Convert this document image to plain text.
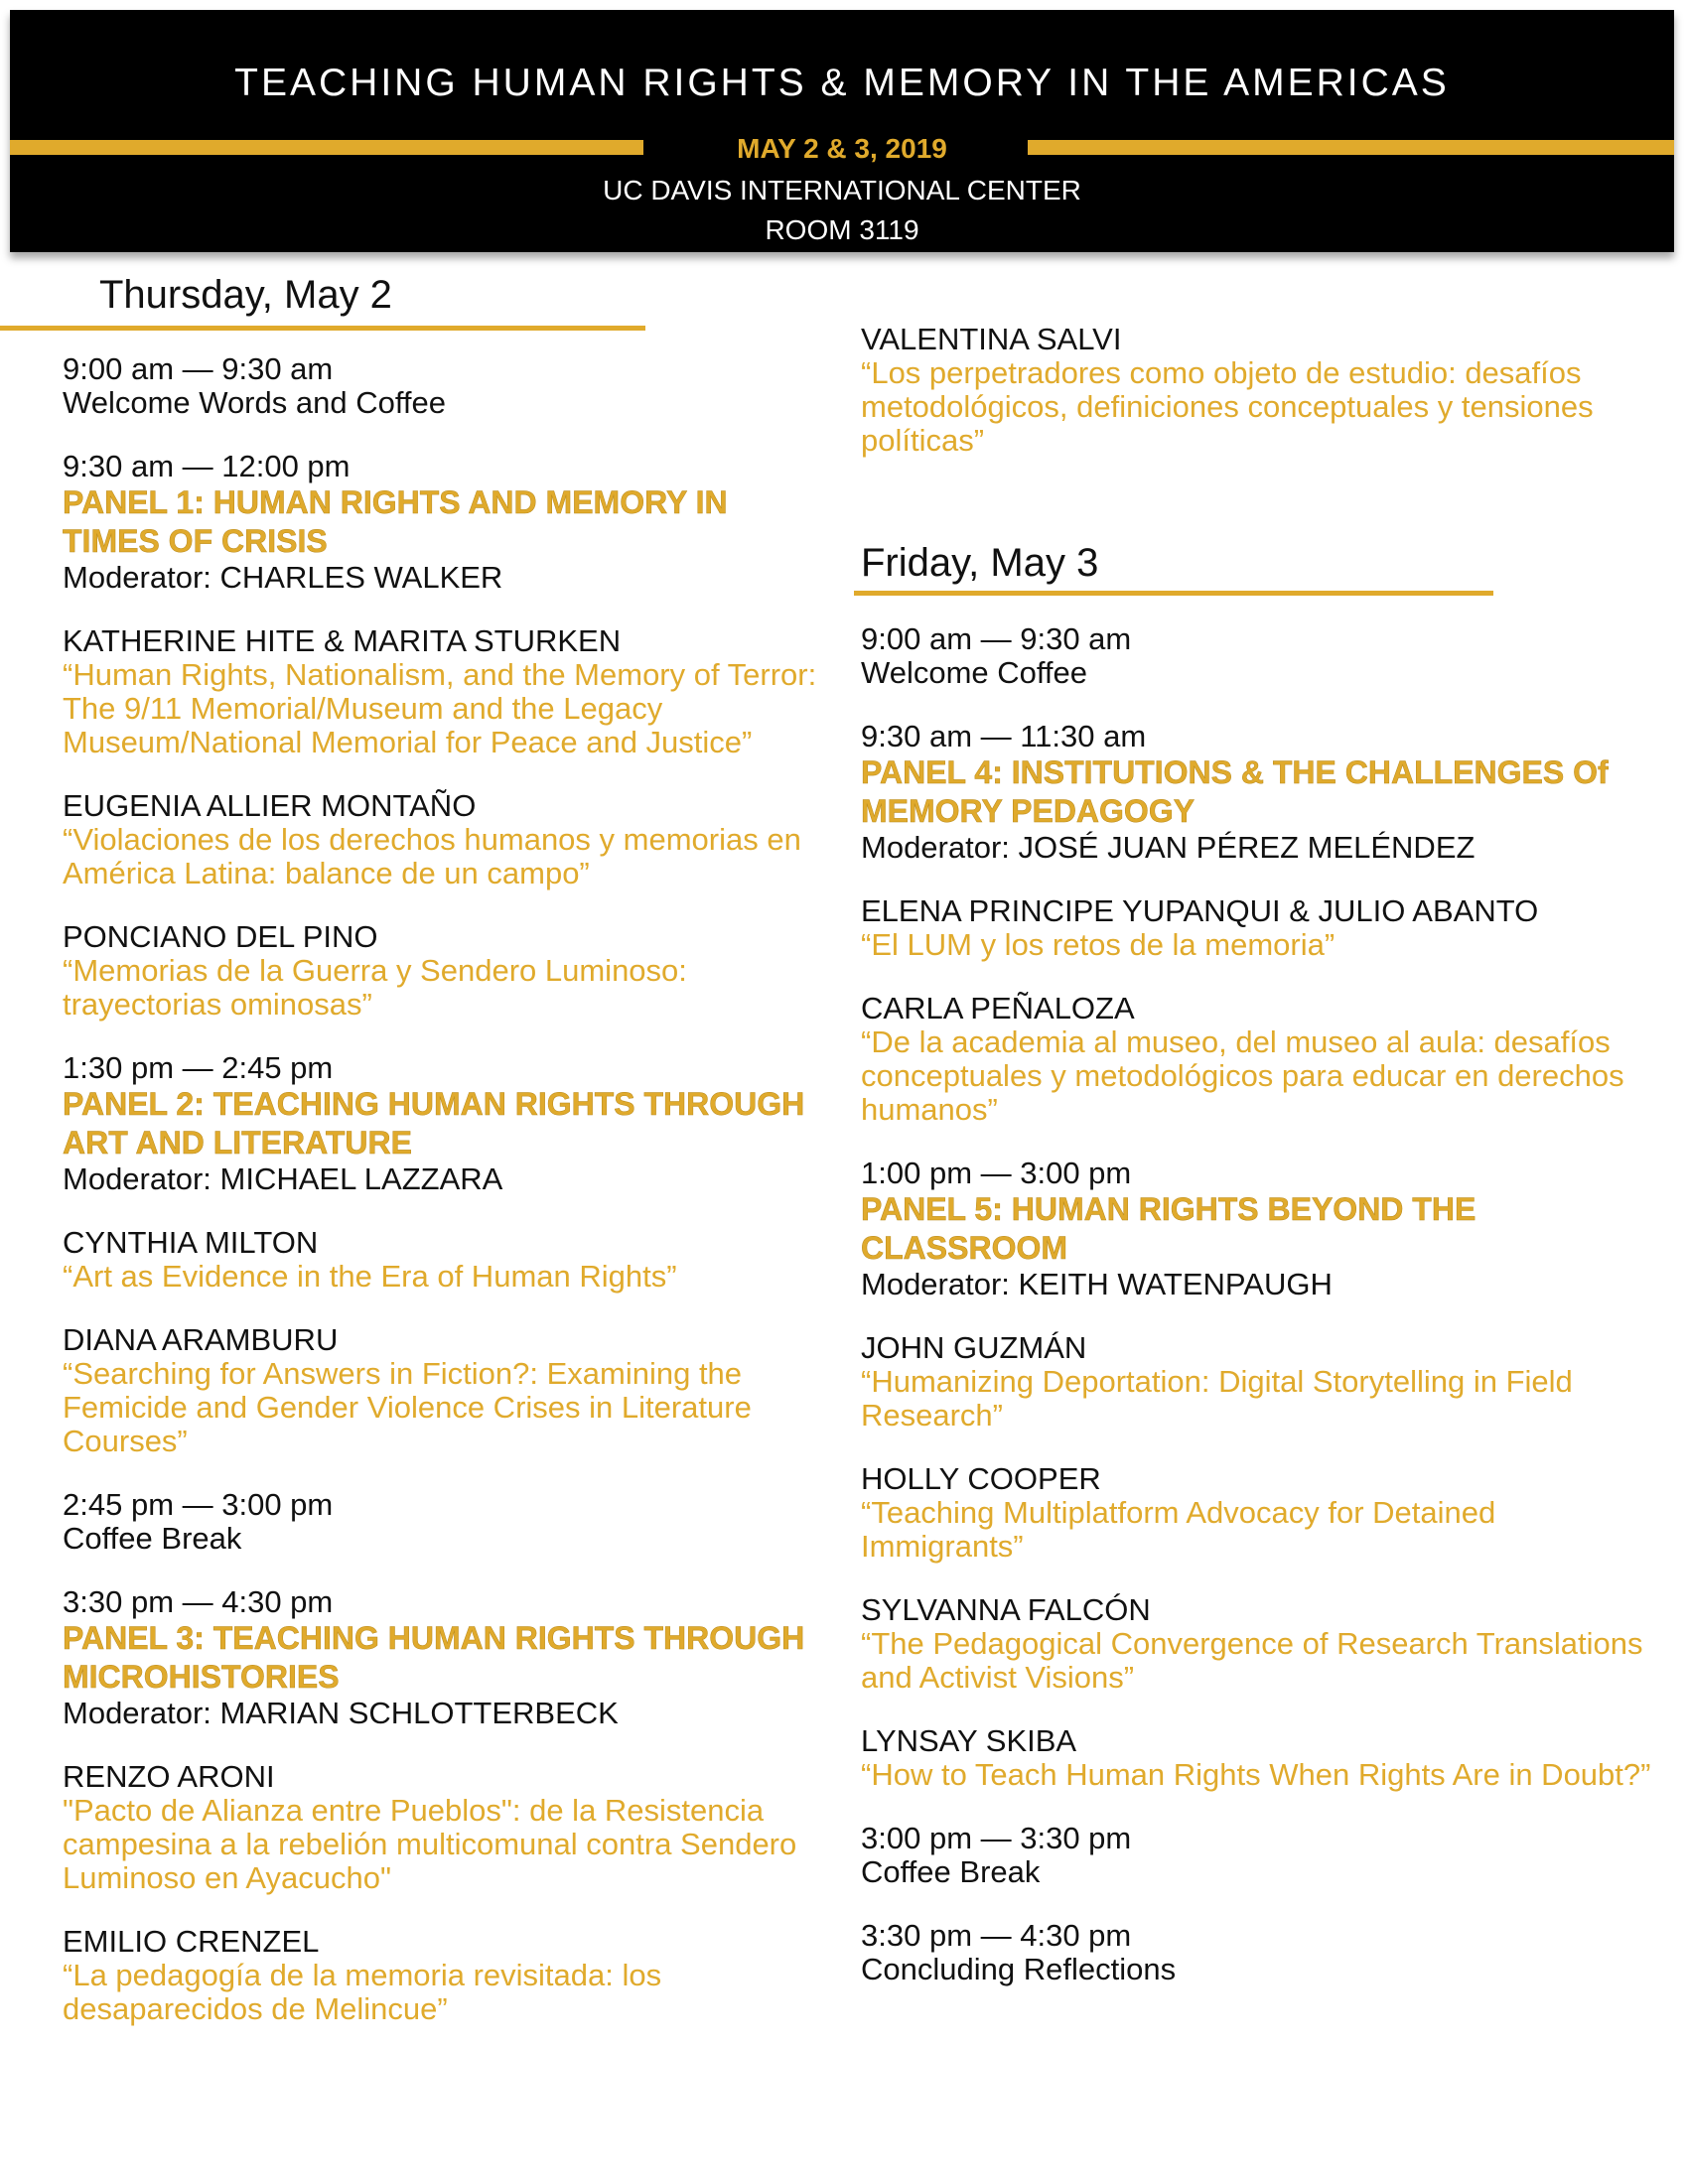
TEACHING HUMAN RIGHTS & MEMORY IN THE AMERICAS
MAY 2 & 3, 2019
UC DAVIS INTERNATIONAL CENTER
ROOM 3119
Thursday, May 2
9:00 am — 9:30 am
Welcome Words and Coffee
9:30 am — 12:00 pm
PANEL 1: HUMAN RIGHTS AND MEMORY IN TIMES OF CRISIS
Moderator: CHARLES WALKER
KATHERINE HITE & MARITA STURKEN
“Human Rights, Nationalism, and the Memory of Terror: The 9/11 Memorial/Museum and the Legacy Museum/National Memorial for Peace and Justice”
EUGENIA ALLIER MONTAÑO
“Violaciones de los derechos humanos y memorias en América Latina: balance de un campo”
PONCIANO DEL PINO
“Memorias de la Guerra y Sendero Luminoso: trayectorias ominosas”
1:30 pm — 2:45 pm
PANEL 2: TEACHING HUMAN RIGHTS THROUGH ART AND LITERATURE
Moderator: MICHAEL LAZZARA
CYNTHIA MILTON
“Art as Evidence in the Era of Human Rights”
DIANA ARAMBURU
“Searching for Answers in Fiction?: Examining the Femicide and Gender Violence Crises in Literature Courses”
2:45 pm — 3:00 pm
Coffee Break
3:30 pm — 4:30 pm
PANEL 3: TEACHING HUMAN RIGHTS THROUGH MICROHISTORIES
Moderator: MARIAN SCHLOTTERBECK
RENZO ARONI
"Pacto de Alianza entre Pueblos": de la Resistencia campesina a la rebelión multicomunal contra Sendero Luminoso en Ayacucho"
EMILIO CRENZEL
“La pedagogía de la memoria revisitada: los desaparecidos de Melincue”
VALENTINA SALVI
“Los perpetradores como objeto de estudio: desafíos metodológicos, definiciones conceptuales y tensiones políticas”
Friday, May 3
9:00 am — 9:30 am
Welcome Coffee
9:30 am — 11:30 am
PANEL 4: INSTITUTIONS & THE CHALLENGES Of MEMORY PEDAGOGY
Moderator: JOSÉ JUAN PÉREZ MELÉNDEZ
ELENA PRINCIPE YUPANQUI & JULIO ABANTO
“El LUM y los retos de la memoria”
CARLA PEÑALOZA
“De la academia al museo, del museo al aula: desafíos conceptuales y metodológicos para educar en derechos humanos”
1:00 pm — 3:00 pm
PANEL 5: HUMAN RIGHTS BEYOND THE CLASSROOM
Moderator: KEITH WATENPAUGH
JOHN GUZMÁN
“Humanizing Deportation: Digital Storytelling in Field Research”
HOLLY COOPER
“Teaching Multiplatform Advocacy for Detained Immigrants”
SYLVANNA FALCÓN
“The Pedagogical Convergence of Research Translations and Activist Visions”
LYNSAY SKIBA
“How to Teach Human Rights When Rights Are in Doubt?”
3:00 pm — 3:30 pm
Coffee Break
3:30 pm — 4:30 pm
Concluding Reflections
